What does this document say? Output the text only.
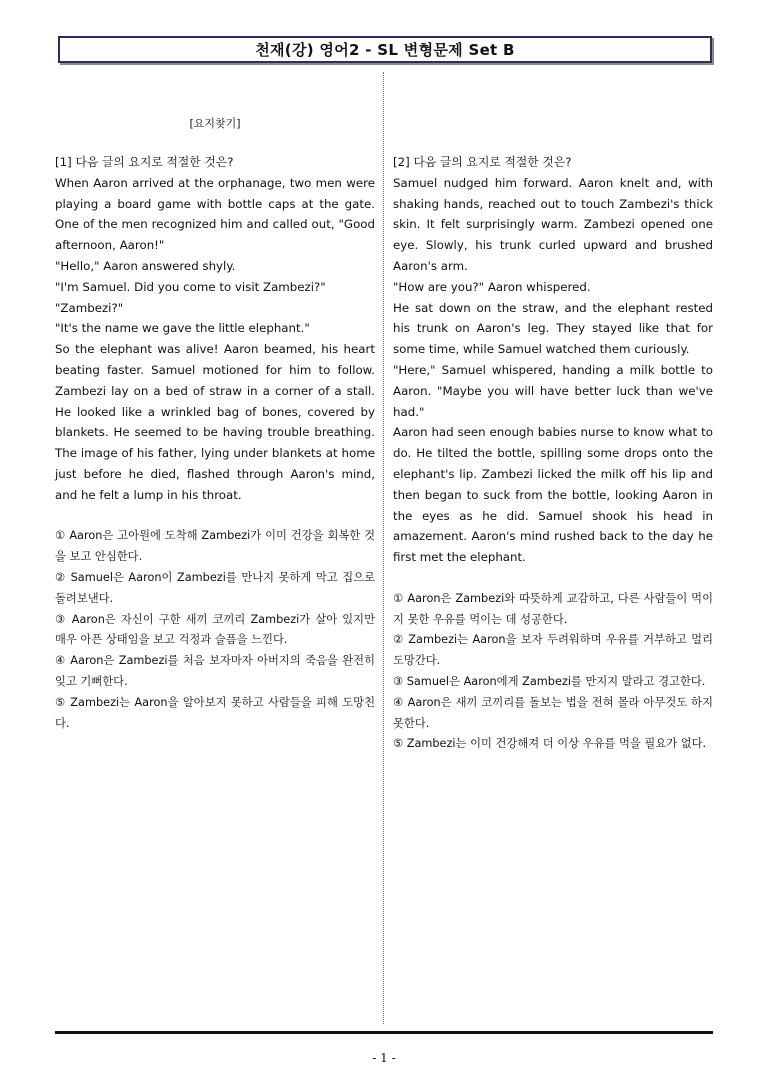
천재(강) 영어2 - SL 변형문제 Set B
[요지찾기]
[1] 다음 글의 요지로 적절한 것은?

When Aaron arrived at the orphanage, two men were playing a board game with bottle caps at the gate. One of the men recognized him and called out, "Good afternoon, Aaron!"

"Hello," Aaron answered shyly.

"I'm Samuel. Did you come to visit Zambezi?"

"Zambezi?"

"It's the name we gave the little elephant."

So the elephant was alive! Aaron beamed, his heart beating faster. Samuel motioned for him to follow. Zambezi lay on a bed of straw in a corner of a stall. He looked like a wrinkled bag of bones, covered by blankets. He seemed to be having trouble breathing. The image of his father, lying under blankets at home just before he died, flashed through Aaron's mind, and he felt a lump in his throat.

① Aaron은 고아원에 도착해 Zambezi가 이미 건강을 회복한 것을 보고 안심한다.
② Samuel은 Aaron이 Zambezi를 만나지 못하게 막고 집으로 돌려보낸다.
③ Aaron은 자신이 구한 새끼 코끼리 Zambezi가 살아 있지만 매우 아픈 상태임을 보고 걱정과 슬픔을 느낀다.
④ Aaron은 Zambezi를 처음 보자마자 아버지의 죽음을 완전히 잊고 기뻐한다.
⑤ Zambezi는 Aaron을 알아보지 못하고 사람들을 피해 도망친다.
[2] 다음 글의 요지로 적절한 것은?

Samuel nudged him forward. Aaron knelt and, with shaking hands, reached out to touch Zambezi's thick skin. It felt surprisingly warm. Zambezi opened one eye. Slowly, his trunk curled upward and brushed Aaron's arm.

"How are you?" Aaron whispered.

He sat down on the straw, and the elephant rested his trunk on Aaron's leg. They stayed like that for some time, while Samuel watched them curiously.

"Here," Samuel whispered, handing a milk bottle to Aaron. "Maybe you will have better luck than we've had."

Aaron had seen enough babies nurse to know what to do. He tilted the bottle, spilling some drops onto the elephant's lip. Zambezi licked the milk off his lip and then began to suck from the bottle, looking Aaron in the eyes as he did. Samuel shook his head in amazement. Aaron's mind rushed back to the day he first met the elephant.

① Aaron은 Zambezi와 따뜻하게 교감하고, 다른 사람들이 먹이지 못한 우유를 먹이는 데 성공한다.
② Zambezi는 Aaron을 보자 두려워하며 우유를 거부하고 멀리 도망간다.
③ Samuel은 Aaron에게 Zambezi를 만지지 말라고 경고한다.
④ Aaron은 새끼 코끼리를 돌보는 법을 전혀 몰라 아무것도 하지 못한다.
⑤ Zambezi는 이미 건강해져 더 이상 우유를 먹을 필요가 없다.
- 1 -
